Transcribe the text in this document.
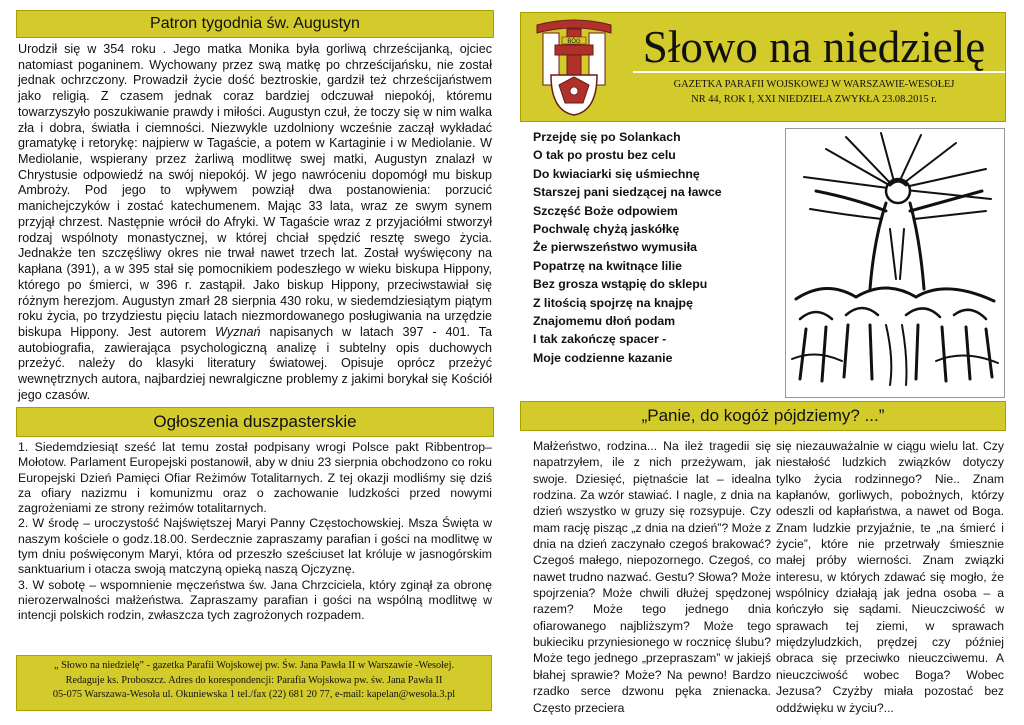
Patron tygodnia św. Augustyn

Urodził się w 354 roku . Jego matka Monika była gorliwą chrześcijanką, ojciec natomiast poganinem. Wychowany przez swą matkę po chrześcijańsku, nie został jednak ochrzczony. Prowadził życie dość beztroskie, gardził też chrześcijaństwem jako religią. Z czasem jednak coraz bardziej odczuwał niepokój, któremu towarzyszyło poszukiwanie prawdy i miłości. Augustyn czuł, że toczy się w nim walka zła i dobra, światła i ciemności. Niezwykle uzdolniony wcześnie zaczął wykładać gramatykę i retorykę: najpierw w Tagaście, a potem w Kartaginie i w Mediolanie. W Mediolanie, wspierany przez żarliwą modlitwę swej matki, Augustyn znalazł w Chrystusie odpowiedź na swój niepokój. W jego nawróceniu dopomógł mu biskup Ambroży. Pod jego to wpływem powziął dwa postanowienia: porzucić manichejczyków i zostać katechumenem. Mając 33 lata, wraz ze swym synem przyjął chrzest. Następnie wrócił do Afryki. W Tagaście wraz z przyjaciółmi stworzył rodzaj wspólnoty monastycznej, w której chciał spędzić resztę swego życia. Jednakże ten szczęśliwy okres nie trwał nawet trzech lat. Został wyświęcony na kapłana (391), a w 395 stał się pomocnikiem podeszłego w wieku biskupa Hippony, którego po śmierci, w 396 r. zastąpił. Jako biskup Hippony, przeciwstawiał się różnym herezjom. Augustyn zmarł 28 sierpnia 430 roku, w siedemdziesiątym piątym roku życia, po trzydziestu pięciu latach niezmordowanego posługiwania na urzędzie biskupa Hippony. Jest autorem Wyznań napisanych w latach 397 - 401. Ta autobiografia, zawierająca psychologiczną analizę i subtelny opis duchowych przeżyć. należy do klasyki literatury światowej. Opisuje oprócz przeżyć wewnętrznych autora, najbardziej newralgiczne problemy z jakimi borykał się Kościół jego czasów.

Ogłoszenia duszpasterskie

1. Siedemdziesiąt sześć lat temu został podpisany wrogi Polsce pakt Ribbentrop–Mołotow. Parlament Europejski postanowił, aby w dniu 23 sierpnia obchodzono co roku Europejski Dzień Pamięci Ofiar Reżimów Totalitarnych. Z tej okazji modliśmy się dziś za ofiary nazizmu i komunizmu oraz o zachowanie ludzkości przed nowymi zagrożeniami ze strony reżimów totalitarnych.

2. W środę – uroczystość Najświętszej Maryi Panny Częstochowskiej. Msza Święta w naszym kościele o godz.18.00. Serdecznie zapraszamy parafian i gości na modlitwę w tym dniu poświęconym Maryi, która od przeszło sześciuset lat króluje w jasnogórskim sanktuarium i otacza swoją matczyną opieką naszą Ojczyznę.

3. W sobotę – wspomnienie męczeństwa św. Jana Chrzciciela, który zginął za obronę nierozerwalności małżeństwa. Zapraszamy parafian i gości na wspólną modlitwę w intencji polskich rodzin, zwłaszcza tych zagrożonych rozpadem.

„ Słowo na niedzielę” - gazetka Parafii Wojskowej pw. Św. Jana Pawła II w Warszawie -Wesołej.
Redaguje ks. Proboszcz. Adres do korespondencji: Parafia Wojskowa pw. św. Jana Pawła II
05-075 Warszawa-Wesoła ul. Okuniewska 1 tel./fax (22) 681 20 77, e-mail: kapelan@wesoła.3.pl
BÓG	Słowo na niedzielę
GAZETKA PARAFII WOJSKOWEJ W WARSZAWIE-WESOŁEJ
NR 44, ROK I, XXI NIEDZIELA ZWYKŁA 23.08.2015 r.
Przejdę się po Solankach
O tak po prostu bez celu
Do kwiaciarki się uśmiechnę
Starszej pani siedzącej na ławce
Szczęść Boże odpowiem
Pochwalę chyżą jaskółkę
Że pierwszeństwo wymusiła
Popatrzę na kwitnące lilie
Bez grosza wstąpię do sklepu
Z litością spojrzę na knajpę
Znajomemu dłoń podam
I tak zakończę spacer -
Moje codzienne kazanie
„Panie, do kogóż pójdziemy? ...”

Małżeństwo, rodzina... Na ileż tragedii się napatrzyłem, ile z nich przeżywam, jak swoje. Dziesięć, piętnaście lat – idealna rodzina. Za wzór stawiać. I nagle, z dnia na dzień wszystko w gruzy się rozsypuje. Czy mam rację pisząc „z dnia na dzień”? Może z dnia na dzień zaczynało czegoś brakować? Czegoś małego, niepozornego. Czegoś, co nawet trudno nazwać. Gestu? Słowa? Może spojrzenia? Może chwili dłużej spędzonej razem? Może tego jednego dnia ofiarowanego najbliższym? Może tego bukieciku przyniesionego w rocznicę ślubu? Może tego jednego „przepraszam” w jakiejś błahej sprawie? Może? Na pewno! Bardzo rzadko serce dzwonu pęka znienacka. Często przeciera

się niezauważalnie w ciągu wielu lat. Czy niestałość ludzkich związków dotyczy tylko życia rodzinnego? Nie.. Znam kapłanów, gorliwych, pobożnych, którzy odeszli od kapłaństwa, a nawet od Boga. Znam ludzkie przyjaźnie, te „na śmierć i życie”, które nie przetrwały śmiesznie małej próby wierności. Znam związki interesu, w których zdawać się mogło, że wspólnicy działają jak jedna osoba – a kończyło się sądami. Nieuczciwość w sprawach tej ziemi, w sprawach międzyludzkich, prędzej czy później obraca się przeciwko nieuczciwemu. A nieuczciwość wobec Boga? Wobec Jezusa? Czyżby miała pozostać bez oddźwięku w życiu?...
